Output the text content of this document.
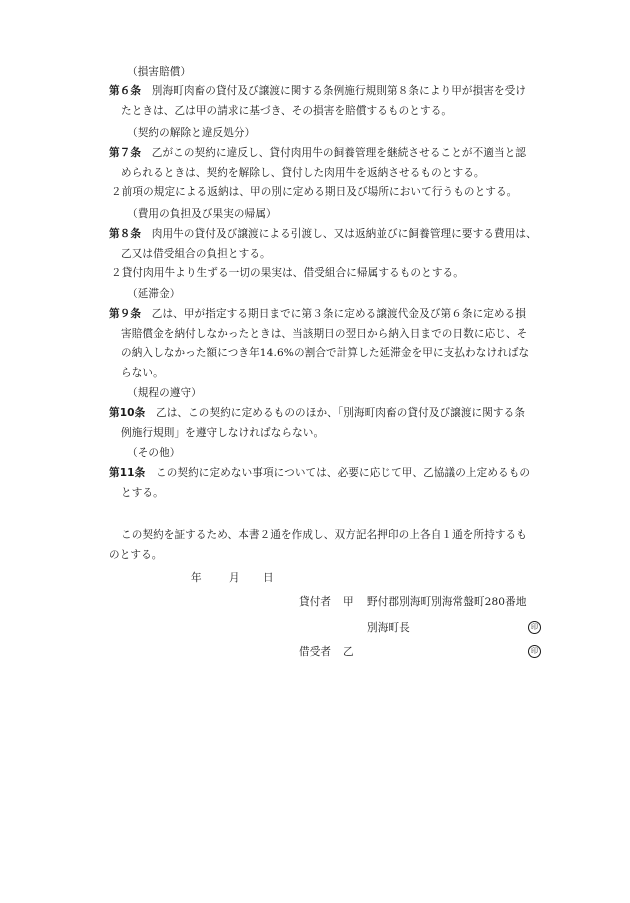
（損害賠償）
第６条　別海町肉畜の貸付及び譲渡に関する条例施行規則第８条により甲が損害を受け
たときは、乙は甲の請求に基づき、その損害を賠償するものとする。
（契約の解除と違反処分）
第７条　乙がこの契約に違反し、貸付肉用牛の飼養管理を継続させることが不適当と認
められるときは、契約を解除し、貸付した肉用牛を返納させるものとする。
２前項の規定による返納は、甲の別に定める期日及び場所において行うものとする。
（費用の負担及び果実の帰属）
第８条　肉用牛の貸付及び譲渡による引渡し、又は返納並びに飼養管理に要する費用は、
乙又は借受組合の負担とする。
２貸付肉用牛より生ずる一切の果実は、借受組合に帰属するものとする。
（延滞金）
第９条　乙は、甲が指定する期日までに第３条に定める譲渡代金及び第６条に定める損
害賠償金を納付しなかったときは、当該期日の翌日から納入日までの日数に応じ、そ
の納入しなかった額につき年14.6%の割合で計算した延滞金を甲に支払わなければな
らない。
（規程の遵守）
第10条　乙は、この契約に定めるもののほか、「別海町肉畜の貸付及び譲渡に関する条
例施行規則」を遵守しなければならない。
（その他）
第11条　この契約に定めない事項については、必要に応じて甲、乙協議の上定めるもの
とする。
この契約を証するため、本書２通を作成し、双方記名押印の上各自１通を所持するも
のとする。
年	月 日
貸付者 甲 野付郡別海町別海常盤町280番地
別海町長	印
借受者 乙	印
